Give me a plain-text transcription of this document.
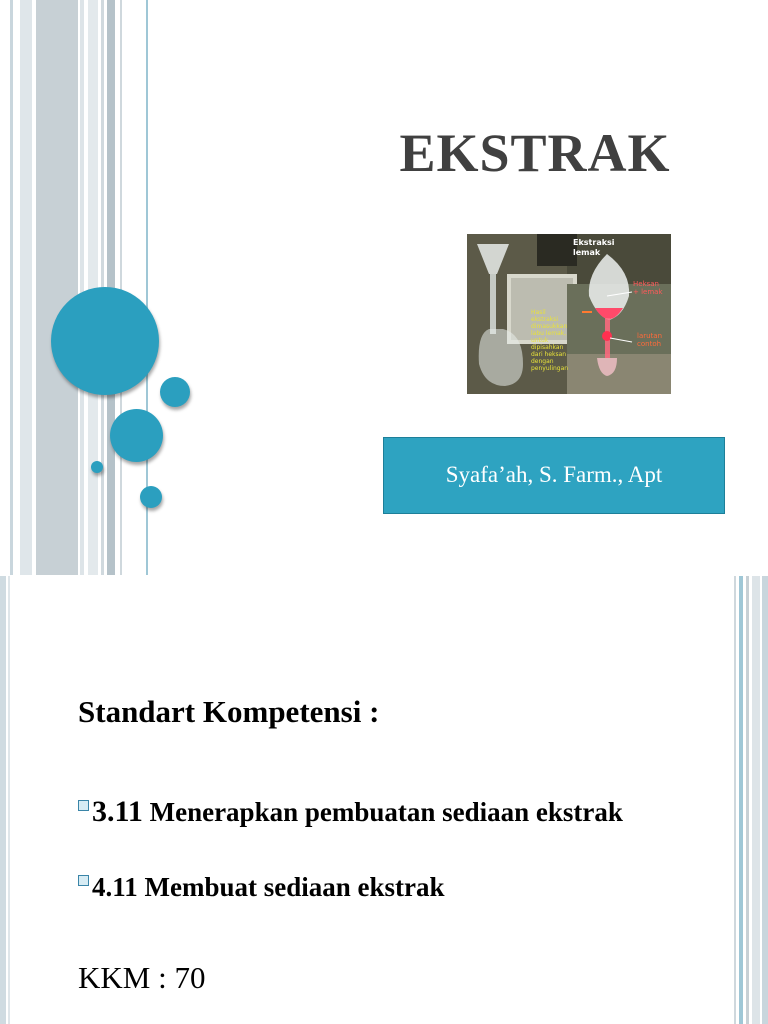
EKSTRAK
Ekstraksi
lemak
Heksan
+ lemak
larutan
contoh
Hasil
ekstraksi
dimasukkan
labu lemak,
untuk
dipisahkan
dari heksan
dengan
penyulingan
Syafa’ah, S. Farm., Apt
Standart Kompetensi :
3.11 Menerapkan pembuatan sediaan ekstrak
4.11 Membuat sediaan ekstrak
KKM : 70
